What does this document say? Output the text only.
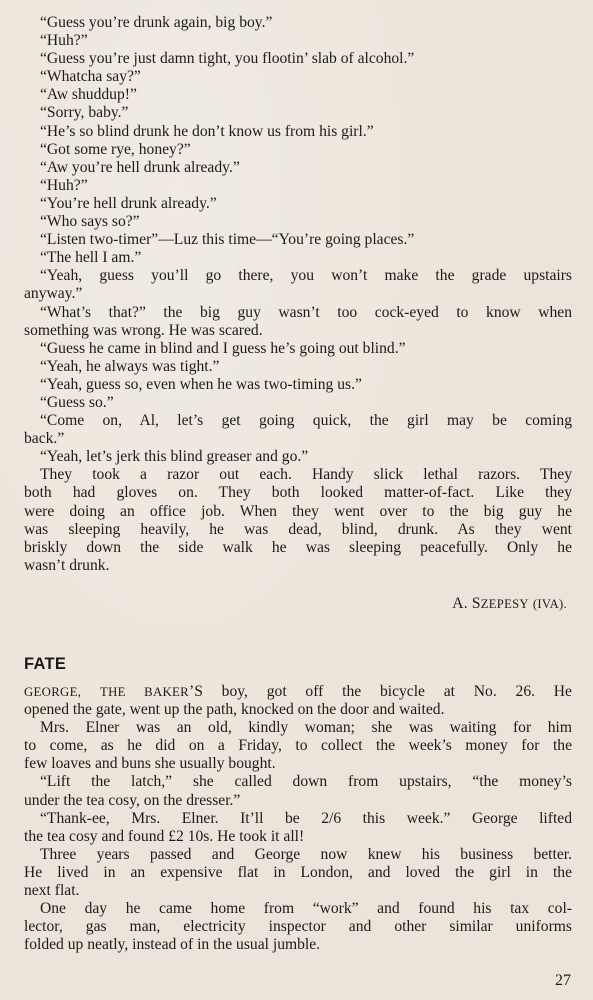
“Guess you’re drunk again, big boy.”
“Huh?”
“Guess you’re just damn tight, you flootin’ slab of alcohol.”
“Whatcha say?”
“Aw shuddup!”
“Sorry, baby.”
“He’s so blind drunk he don’t know us from his girl.”
“Got some rye, honey?”
“Aw you’re hell drunk already.”
“Huh?”
“You’re hell drunk already.”
“Who says so?”
“Listen two-timer”—Luz this time—“You’re going places.”
“The hell I am.”
“Yeah, guess you’ll go there, you won’t make the grade upstairs
anyway.”
“What’s that?” the big guy wasn’t too cock-eyed to know when
something was wrong. He was scared.
“Guess he came in blind and I guess he’s going out blind.”
“Yeah, he always was tight.”
“Yeah, guess so, even when he was two-timing us.”
“Guess so.”
“Come on, Al, let’s get going quick, the girl may be coming
back.”
“Yeah, let’s jerk this blind greaser and go.”
They took a razor out each. Handy slick lethal razors. They
both had gloves on. They both looked matter-of-fact. Like they
were doing an office job. When they went over to the big guy he
was sleeping heavily, he was dead, blind, drunk. As they went
briskly down the side walk he was sleeping peacefully. Only he
wasn’t drunk.
A. SZEPESY (IVA).
FATE
GEORGE, THE BAKER’S boy, got off the bicycle at No. 26. He
opened the gate, went up the path, knocked on the door and waited.
Mrs. Elner was an old, kindly woman; she was waiting for him
to come, as he did on a Friday, to collect the week’s money for the
few loaves and buns she usually bought.
“Lift the latch,” she called down from upstairs, “the money’s
under the tea cosy, on the dresser.”
“Thank-ee, Mrs. Elner. It’ll be 2/6 this week.” George lifted
the tea cosy and found £2 10s. He took it all!
Three years passed and George now knew his business better.
He lived in an expensive flat in London, and loved the girl in the
next flat.
One day he came home from “work” and found his tax col-
lector, gas man, electricity inspector and other similar uniforms
folded up neatly, instead of in the usual jumble.
27
